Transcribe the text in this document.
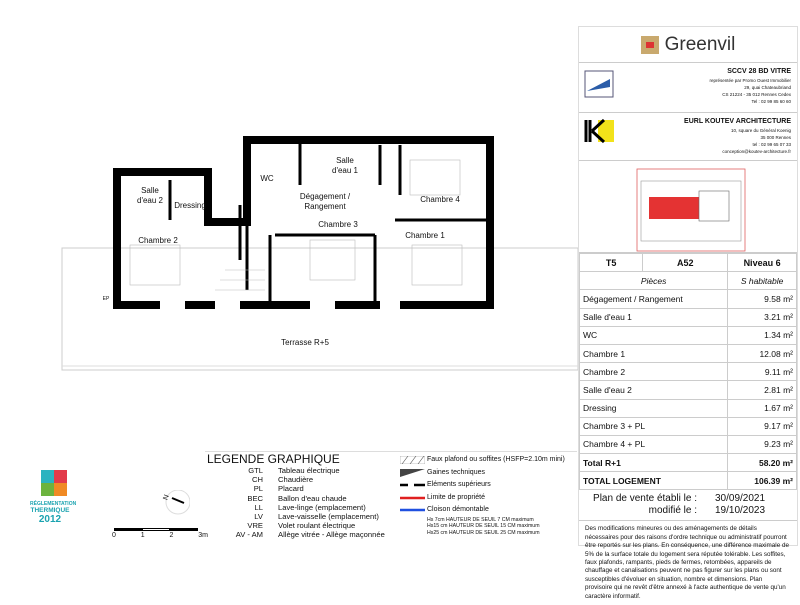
Salle d'eau 2
Dressing
Chambre 2
WC
Salle d'eau 1
Dégagement / Rangement
Chambre 3
Chambre 4
Chambre 1
Terrasse R+5
EP
Greenvil
SCCV 28 BD VITRE
représentée par Promo Ouest Immobilier
29, quai Chateaubriand
CS 21224 - 35 012 Rennes Cedex
Tel : 02 99 85 60 60
EURL KOUTEV ARCHITECTURE
10, square du Général Koenig
35 000 Rennes
tel : 02 99 65 07 33
conception@koutev-architecture.fr
T5	A52	Niveau 6
Pièces		S habitable
Dégagement / Rangement		9.58 m²
Salle d'eau 1		3.21 m²
WC		1.34 m²
Chambre 1		12.08 m²
Chambre 2		9.11 m²
Salle d'eau 2		2.81 m²
Dressing		1.67 m²
Chambre 3 + PL		9.17 m²
Chambre 4 + PL		9.23 m²
Total R+1		58.20 m²
TOTAL LOGEMENT		106.39 m²
Plan de vente établi le : 30/09/2021
modifié le : 19/10/2023
Des modifications mineures ou des aménagements de détails nécessaires pour des raisons d'ordre technique ou administratif pourront être reportés sur les plans. En conséquence, une différence maximale de 5% de la surface totale du logement sera réputée tolérable. Les soffites, faux plafonds, rampants, pieds de fermes, retombées, appareils de chauffage et canalisations peuvent ne pas figurer sur les plans ou sont susceptibles d'évoluer en situation, nombre et dimensions. Plan provisoire qui ne revêt d'être annexé à l'acte authentique de vente qu'un caractère informatif.
RÉGLEMENTATION
THERMIQUE
2012
N
0	1	2	3m
LEGENDE GRAPHIQUE
GTL Tableau électrique
CH Chaudière
PL Placard
BEC Ballon d'eau chaude
LL Lave-linge (emplacement)
LV Lave-vaisselle (emplacement)
VRE Volet roulant électrique
AV - AM Allège vitrée - Allège maçonnée
Faux plafond ou soffites (HSFP=2.10m mini)
Gaines techniques
Eléments supérieurs
Limite de propriété
Cloison démontable
Hs 7cm HAUTEUR DE SEUIL 7 CM maximum
Hs15 cm HAUTEUR DE SEUIL 15 CM maximum
Hs25 cm HAUTEUR DE SEUIL 25 CM maximum
